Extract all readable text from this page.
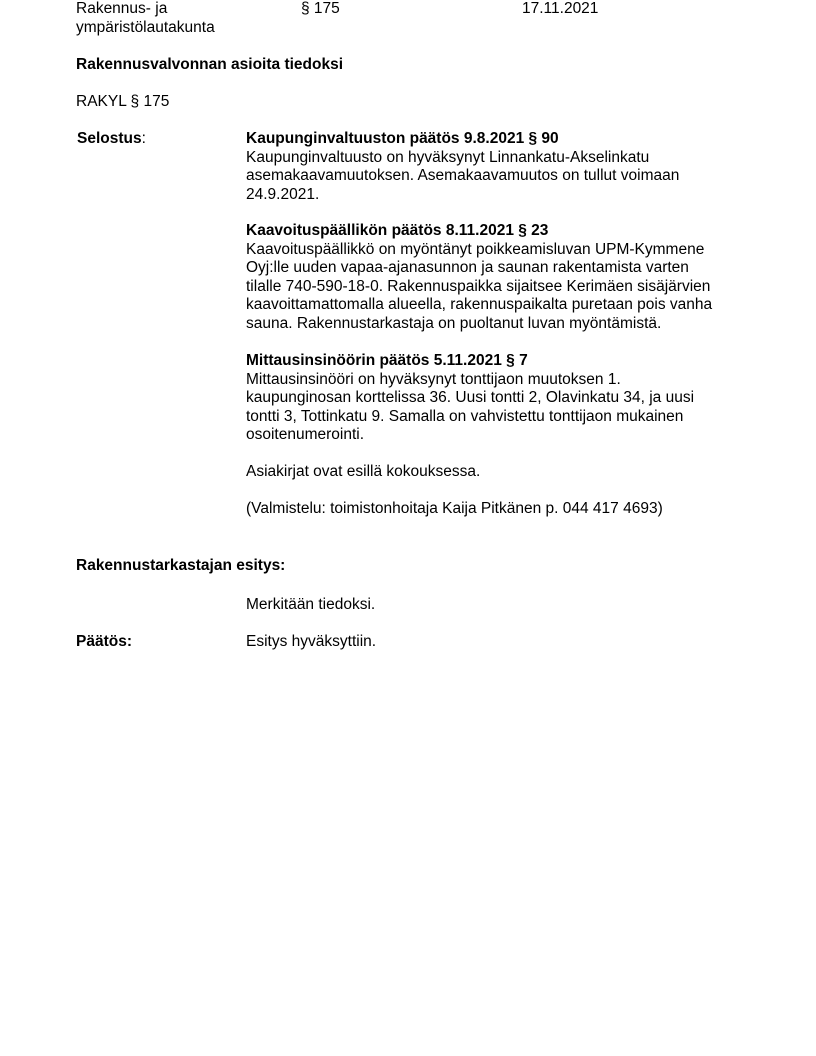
Rakennus- ja
ympäristölautakunta
§ 175	17.11.2021
Rakennusvalvonnan asioita tiedoksi
RAKYL § 175
Selostus:	Kaupunginvaltuuston päätös 9.8.2021 § 90

Kaupunginvaltuusto on hyväksynyt Linnankatu-Akselinkatu

asemakaavamuutoksen. Asemakaavamuutos on tullut voimaan

24.9.2021.

Kaavoituspäällikön päätös 8.11.2021 § 23

Kaavoituspäällikkö on myöntänyt poikkeamisluvan UPM-Kymmene

Oyj:lle uuden vapaa-ajanasunnon ja saunan rakentamista varten

tilalle 740-590-18-0. Rakennuspaikka sijaitsee Kerimäen sisäjärvien

kaavoittamattomalla alueella, rakennuspaikalta puretaan pois vanha

sauna. Rakennustarkastaja on puoltanut luvan myöntämistä.

Mittausinsinöörin päätös 5.11.2021 § 7

Mittausinsinööri on hyväksynyt tonttijaon muutoksen 1.

kaupunginosan korttelissa 36. Uusi tontti 2, Olavinkatu 34, ja uusi

tontti 3, Tottinkatu 9. Samalla on vahvistettu tonttijaon mukainen

osoitenumerointi.

Asiakirjat ovat esillä kokouksessa.
(Valmistelu: toimistonhoitaja Kaija Pitkänen p. 044 417 4693)
Rakennustarkastajan esitys:
Merkitään tiedoksi.
Päätös:	Esitys hyväksyttiin.
